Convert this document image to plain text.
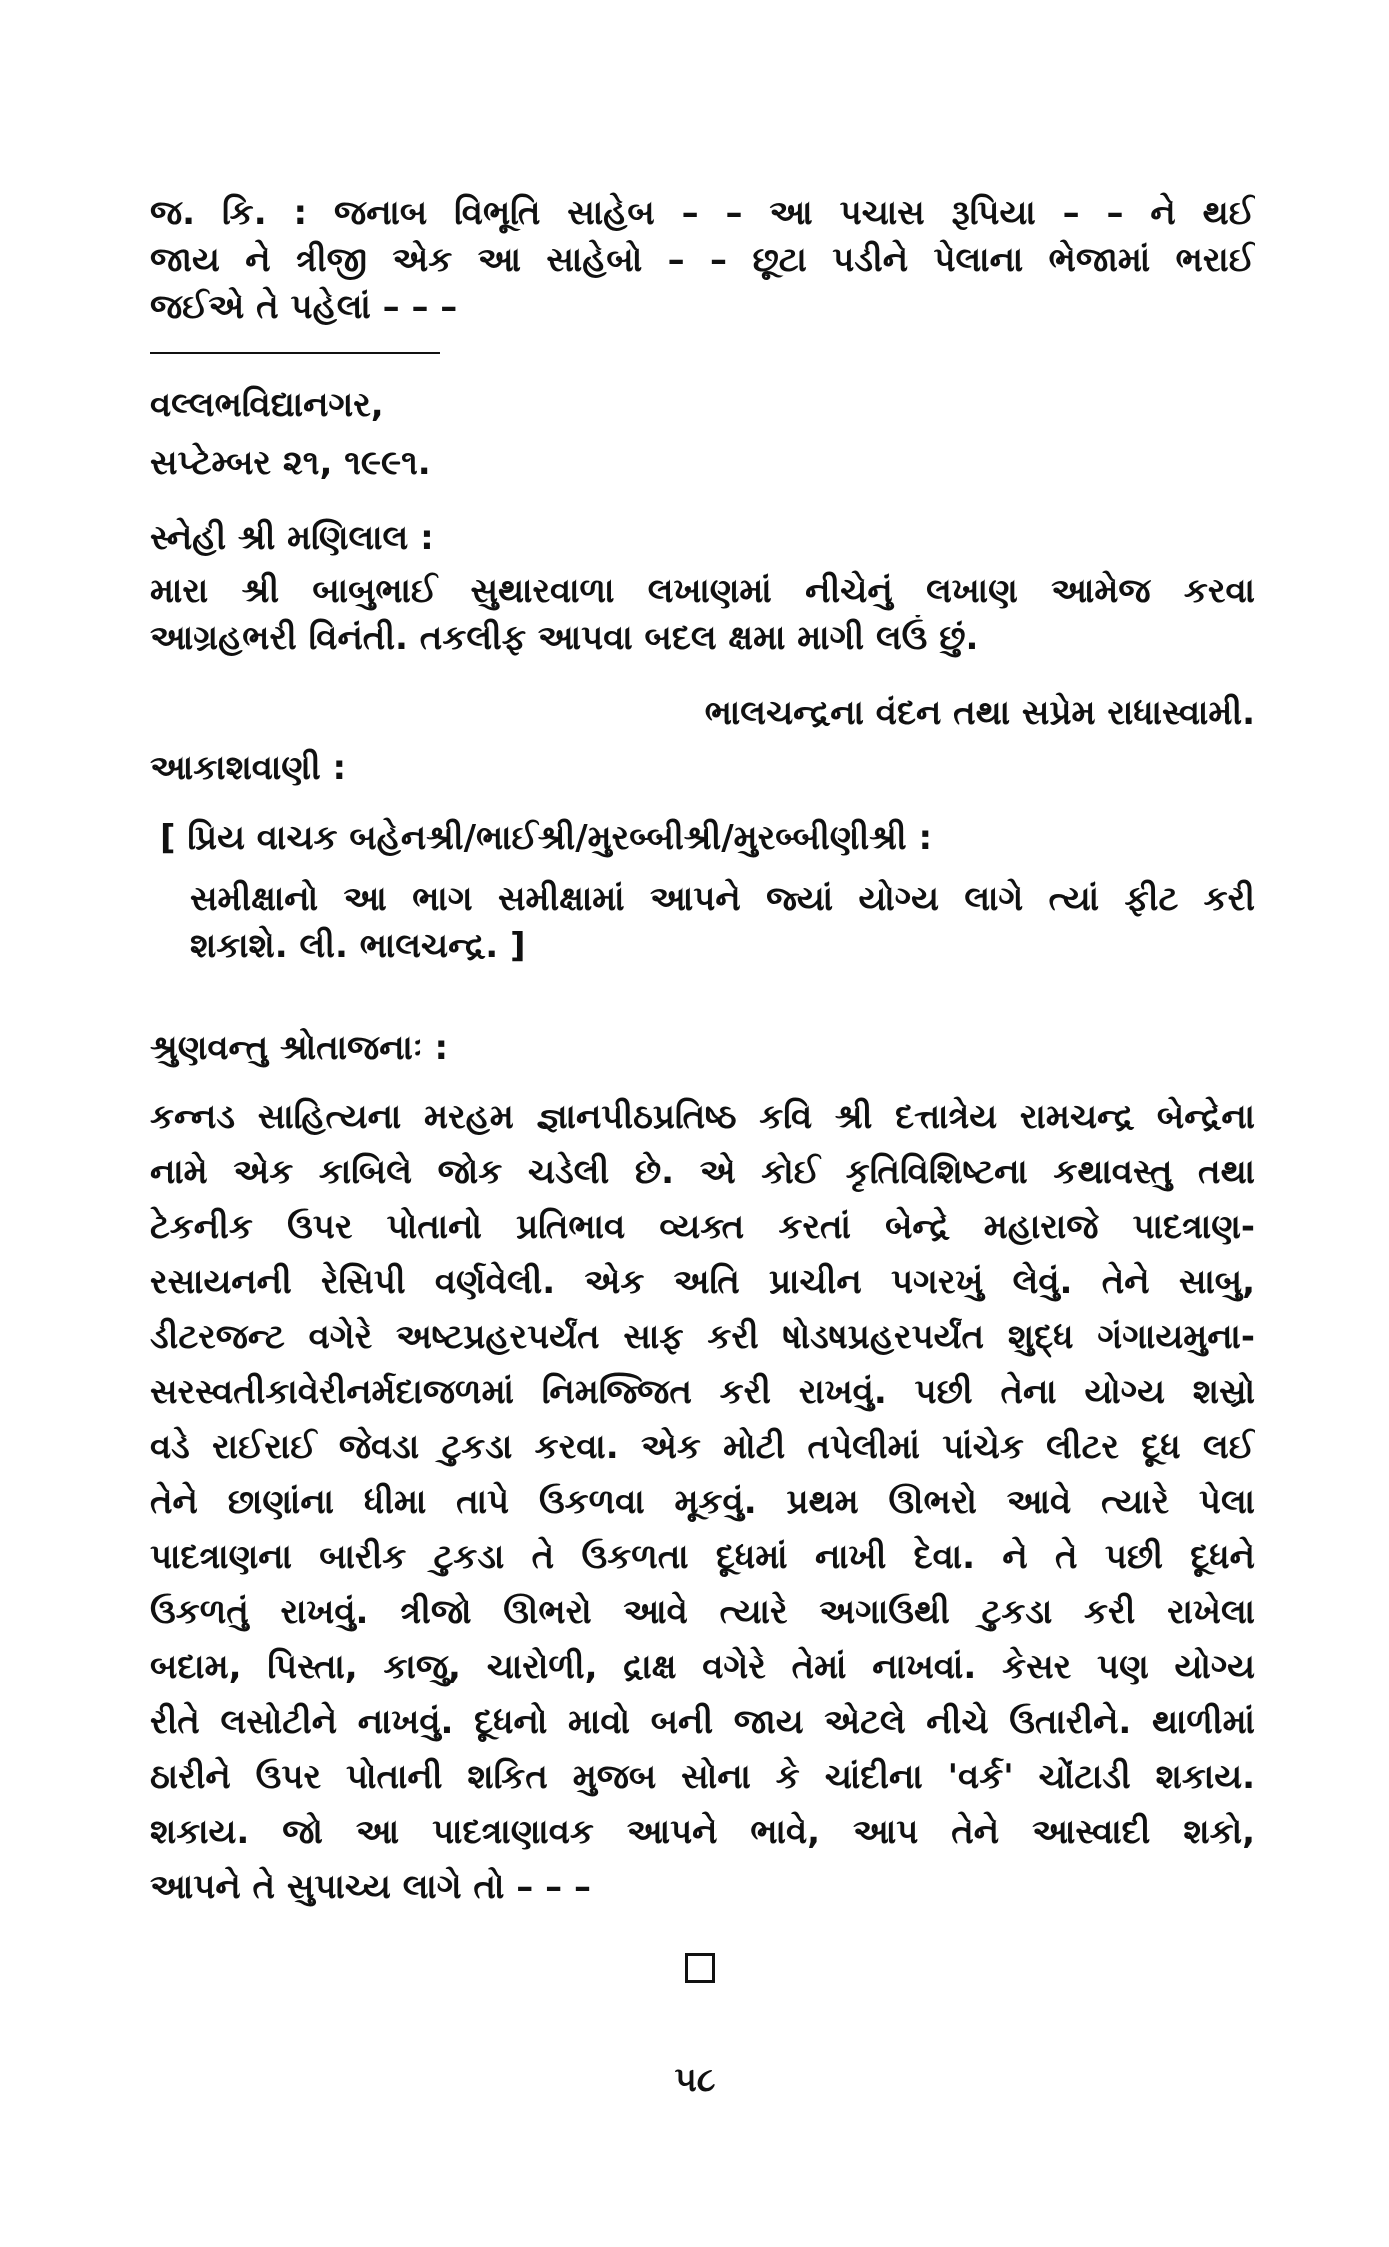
જ. કિ. : જનાબ વિભૂતિ સાહેબ – – આ પચાસ રૂપિયા – – ને થઈ
જાય ને ત્રીજી એક આ સાહેબો – – છૂટા પડીને પેલાના ભેજામાં ભરાઈ
જઈએ તે પહેલાં – – –
વલ્લભવિદ્યાનગર,
સપ્ટેમ્બર ૨૧, ૧૯૯૧.
સ્નેહી શ્રી મણિલાલ :
મારા શ્રી બાબુભાઈ સુથારવાળા લખાણમાં નીચેનું લખાણ આમેજ કરવા
આગ્રહભરી વિનંતી. તકલીફ આપવા બદલ ક્ષમા માગી લઉં છું.
ભાલચન્દ્રના વંદન તથા સપ્રેમ રાધાસ્વામી.
આકાશવાણી :
[ પ્રિય વાચક બહેનશ્રી/ભાઈશ્રી/મુરબ્બીશ્રી/મુરબ્બીણીશ્રી :
સમીક્ષાનો આ ભાગ સમીક્ષામાં આપને જ્યાં યોગ્ય લાગે ત્યાં ફીટ કરી
શકાશે. લી. ભાલચન્દ્ર. ]
શ્રુણવન્તુ શ્રોતાજનાઃ :
કન્નડ સાહિત્યના મરહમ જ્ઞાનપીઠપ્રતિષ્ઠ કવિ શ્રી દત્તાત્રેય રામચન્દ્ર બેન્દ્રેના
નામે એક કાબિલે જોક ચડેલી છે. એ કોઈ કૃતિવિશિષ્ટના કથાવસ્તુ તથા
ટેકનીક ઉપર પોતાનો પ્રતિભાવ વ્યક્ત કરતાં બેન્દ્રે મહારાજે પાદત્રાણ-
રસાયનની રેસિપી વર્ણવેલી. એક અતિ પ્રાચીન પગરખું લેવું. તેને સાબુ,
ડીટરજન્ટ વગેરે અષ્ટપ્રહરપર્યંત સાફ કરી ષોડષપ્રહરપર્યંત શુદ્ધ ગંગાયમુના-
સરસ્વતીકાવેરીનર્મદાજળમાં નિમજ્જિત કરી રાખવું. પછી તેના યોગ્ય શસ્રો
વડે રાઈરાઈ જેવડા ટુકડા કરવા. એક મોટી તપેલીમાં પાંચેક લીટર દૂધ લઈ
તેને છાણાંના ધીમા તાપે ઉકળવા મૂકવું. પ્રથમ ઊભરો આવે ત્યારે પેલા
પાદત્રાણના બારીક ટુકડા તે ઉકળતા દૂધમાં નાખી દેવા. ને તે પછી દૂધને
ઉકળતું રાખવું. ત્રીજો ઊભરો આવે ત્યારે અગાઉથી ટુકડા કરી રાખેલા
બદામ, પિસ્તા, કાજુ, ચારોળી, દ્રાક્ષ વગેરે તેમાં નાખવાં. કેસર પણ યોગ્ય
રીતે લસોટીને નાખવું. દૂધનો માવો બની જાય એટલે નીચે ઉતારીને. થાળીમાં
ઠારીને ઉપર પોતાની શકિત મુજબ સોના કે ચાંદીના 'વર્ક' ચોંટાડી શકાય.
શકાય. જો આ પાદત્રાણાવક આપને ભાવે, આપ તેને આસ્વાદી શકો,
આપને તે સુપાચ્ય લાગે તો – – –
૫૮
